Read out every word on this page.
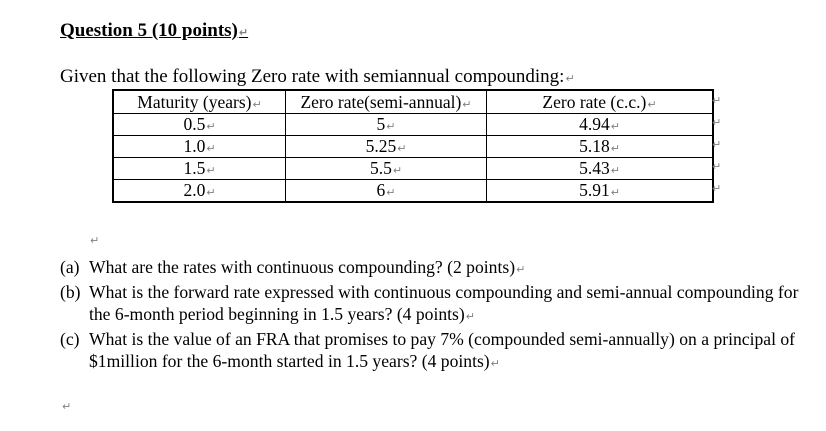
Question 5 (10 points)↵
Given that the following Zero rate with semiannual compounding:↵
Maturity (years)↵	Zero rate(semi-annual)↵	Zero rate (c.c.)↵
0.5↵	5↵	4.94↵
1.0↵	5.25↵	5.18↵
1.5↵	5.5↵	5.43↵
2.0↵	6↵	5.91↵
↵
↵
↵
↵
↵
↵
(a) What are the rates with continuous compounding? (2 points)↵
(b) What is the forward rate expressed with continuous compounding and semi-annual compounding for the 6-month period beginning in 1.5 years? (4 points)↵
(c) What is the value of an FRA that promises to pay 7% (compounded semi-annually) on a principal of $1million for the 6-month started in 1.5 years? (4 points)↵
↵
